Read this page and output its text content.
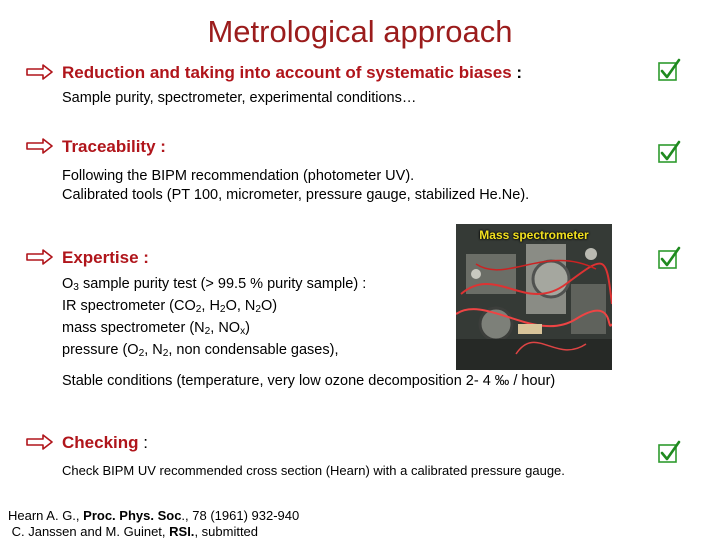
Metrological approach
Reduction and taking into account of systematic biases :
Sample purity, spectrometer, experimental conditions…
Traceability :
Following the BIPM recommendation (photometer UV).
Calibrated tools (PT 100, micrometer, pressure gauge, stabilized He.Ne).
Mass spectrometer
Expertise :
$O_3$ sample purity test (> 99.5 % purity sample) :
IR spectrometer ($CO_2$, $H_2O$, $N_2O$)
mass spectrometer ($N_2$, $NO_x$)
pressure ($O_2$, $N_2$, non condensable gases),
Stable conditions (temperature, very low ozone decomposition 2- 4 ‰ / hour)
Checking :
Check BIPM UV recommended cross section (Hearn) with a calibrated pressure gauge.
Hearn A. G., Proc. Phys. Soc., 78 (1961) 932-940
C. Janssen and M. Guinet, RSI., submitted
